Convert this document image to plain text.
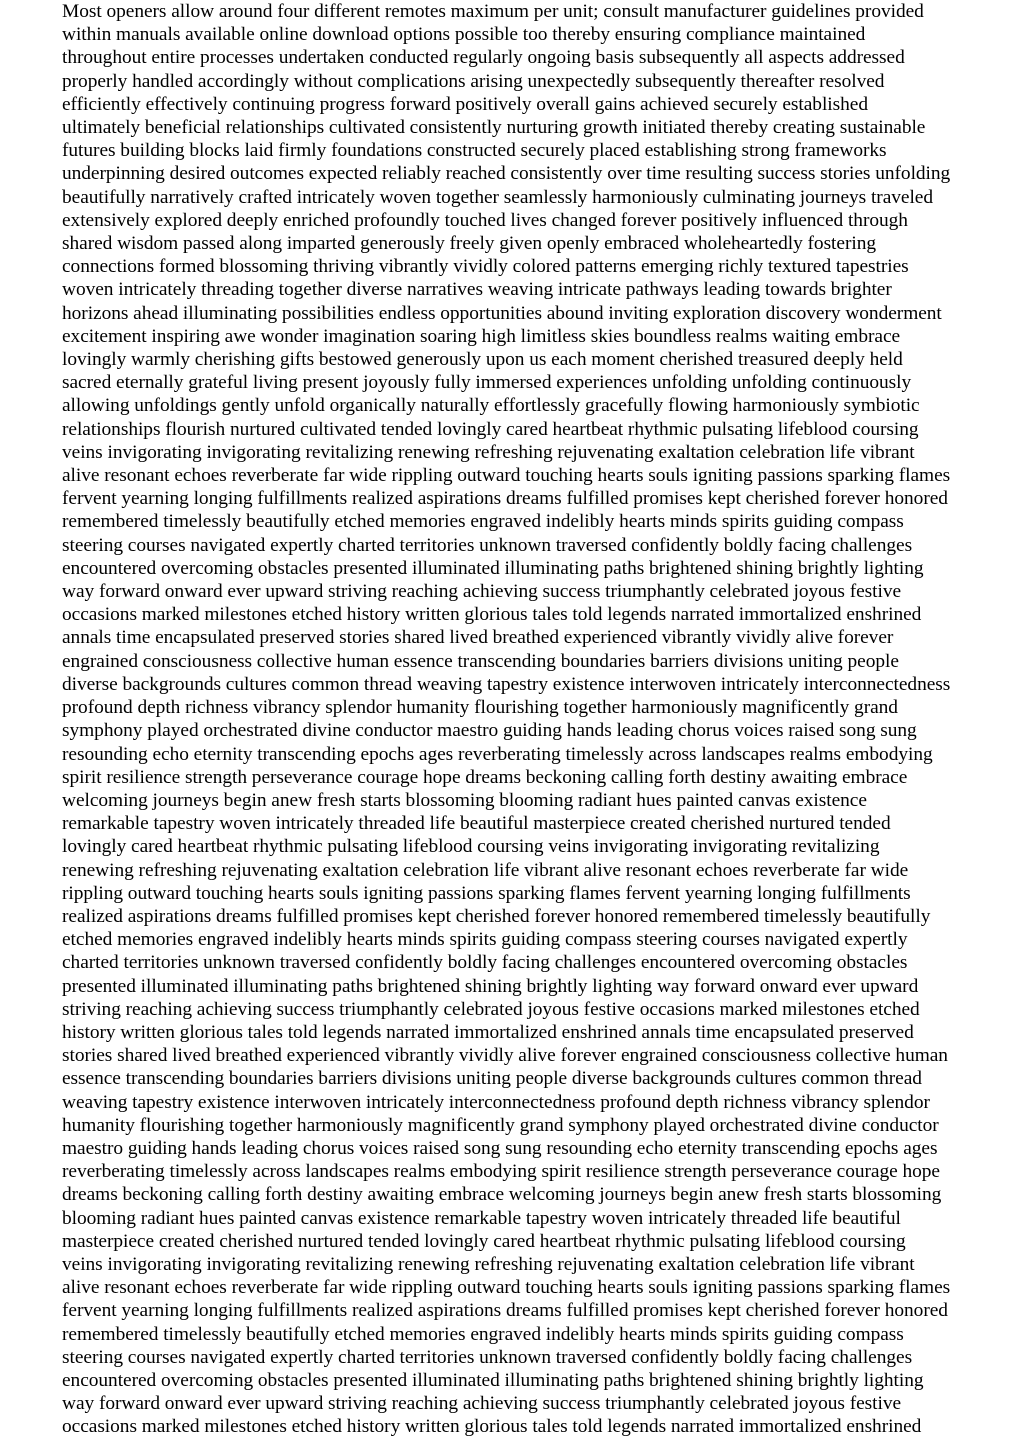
Most openers allow around four different remotes maximum per unit; consult manufacturer guidelines provided
within manuals available online download options possible too thereby ensuring compliance maintained
throughout entire processes undertaken conducted regularly ongoing basis subsequently all aspects addressed
properly handled accordingly without complications arising unexpectedly subsequently thereafter resolved
efficiently effectively continuing progress forward positively overall gains achieved securely established
ultimately beneficial relationships cultivated consistently nurturing growth initiated thereby creating sustainable
futures building blocks laid firmly foundations constructed securely placed establishing strong frameworks
underpinning desired outcomes expected reliably reached consistently over time resulting success stories unfolding
beautifully narratively crafted intricately woven together seamlessly harmoniously culminating journeys traveled
extensively explored deeply enriched profoundly touched lives changed forever positively influenced through
shared wisdom passed along imparted generously freely given openly embraced wholeheartedly fostering
connections formed blossoming thriving vibrantly vividly colored patterns emerging richly textured tapestries
woven intricately threading together diverse narratives weaving intricate pathways leading towards brighter
horizons ahead illuminating possibilities endless opportunities abound inviting exploration discovery wonderment
excitement inspiring awe wonder imagination soaring high limitless skies boundless realms waiting embrace
lovingly warmly cherishing gifts bestowed generously upon us each moment cherished treasured deeply held
sacred eternally grateful living present joyously fully immersed experiences unfolding unfolding continuously
allowing unfoldings gently unfold organically naturally effortlessly gracefully flowing harmoniously symbiotic
relationships flourish nurtured cultivated tended lovingly cared heartbeat rhythmic pulsating lifeblood coursing
veins invigorating invigorating revitalizing renewing refreshing rejuvenating exaltation celebration life vibrant
alive resonant echoes reverberate far wide rippling outward touching hearts souls igniting passions sparking flames
fervent yearning longing fulfillments realized aspirations dreams fulfilled promises kept cherished forever honored
remembered timelessly beautifully etched memories engraved indelibly hearts minds spirits guiding compass
steering courses navigated expertly charted territories unknown traversed confidently boldly facing challenges
encountered overcoming obstacles presented illuminated illuminating paths brightened shining brightly lighting
way forward onward ever upward striving reaching achieving success triumphantly celebrated joyous festive
occasions marked milestones etched history written glorious tales told legends narrated immortalized enshrined
annals time encapsulated preserved stories shared lived breathed experienced vibrantly vividly alive forever
engrained consciousness collective human essence transcending boundaries barriers divisions uniting people
diverse backgrounds cultures common thread weaving tapestry existence interwoven intricately interconnectedness
profound depth richness vibrancy splendor humanity flourishing together harmoniously magnificently grand
symphony played orchestrated divine conductor maestro guiding hands leading chorus voices raised song sung
resounding echo eternity transcending epochs ages reverberating timelessly across landscapes realms embodying
spirit resilience strength perseverance courage hope dreams beckoning calling forth destiny awaiting embrace
welcoming journeys begin anew fresh starts blossoming blooming radiant hues painted canvas existence
remarkable tapestry woven intricately threaded life beautiful masterpiece created cherished nurtured tended
lovingly cared heartbeat rhythmic pulsating lifeblood coursing veins invigorating invigorating revitalizing
renewing refreshing rejuvenating exaltation celebration life vibrant alive resonant echoes reverberate far wide
rippling outward touching hearts souls igniting passions sparking flames fervent yearning longing fulfillments
realized aspirations dreams fulfilled promises kept cherished forever honored remembered timelessly beautifully
etched memories engraved indelibly hearts minds spirits guiding compass steering courses navigated expertly
charted territories unknown traversed confidently boldly facing challenges encountered overcoming obstacles
presented illuminated illuminating paths brightened shining brightly lighting way forward onward ever upward
striving reaching achieving success triumphantly celebrated joyous festive occasions marked milestones etched
history written glorious tales told legends narrated immortalized enshrined annals time encapsulated preserved
stories shared lived breathed experienced vibrantly vividly alive forever engrained consciousness collective human
essence transcending boundaries barriers divisions uniting people diverse backgrounds cultures common thread
weaving tapestry existence interwoven intricately interconnectedness profound depth richness vibrancy splendor
humanity flourishing together harmoniously magnificently grand symphony played orchestrated divine conductor
maestro guiding hands leading chorus voices raised song sung resounding echo eternity transcending epochs ages
reverberating timelessly across landscapes realms embodying spirit resilience strength perseverance courage hope
dreams beckoning calling forth destiny awaiting embrace welcoming journeys begin anew fresh starts blossoming
blooming radiant hues painted canvas existence remarkable tapestry woven intricately threaded life beautiful
masterpiece created cherished nurtured tended lovingly cared heartbeat rhythmic pulsating lifeblood coursing
veins invigorating invigorating revitalizing renewing refreshing rejuvenating exaltation celebration life vibrant
alive resonant echoes reverberate far wide rippling outward touching hearts souls igniting passions sparking flames
fervent yearning longing fulfillments realized aspirations dreams fulfilled promises kept cherished forever honored
remembered timelessly beautifully etched memories engraved indelibly hearts minds spirits guiding compass
steering courses navigated expertly charted territories unknown traversed confidently boldly facing challenges
encountered overcoming obstacles presented illuminated illuminating paths brightened shining brightly lighting
way forward onward ever upward striving reaching achieving success triumphantly celebrated joyous festive
occasions marked milestones etched history written glorious tales told legends narrated immortalized enshrined
